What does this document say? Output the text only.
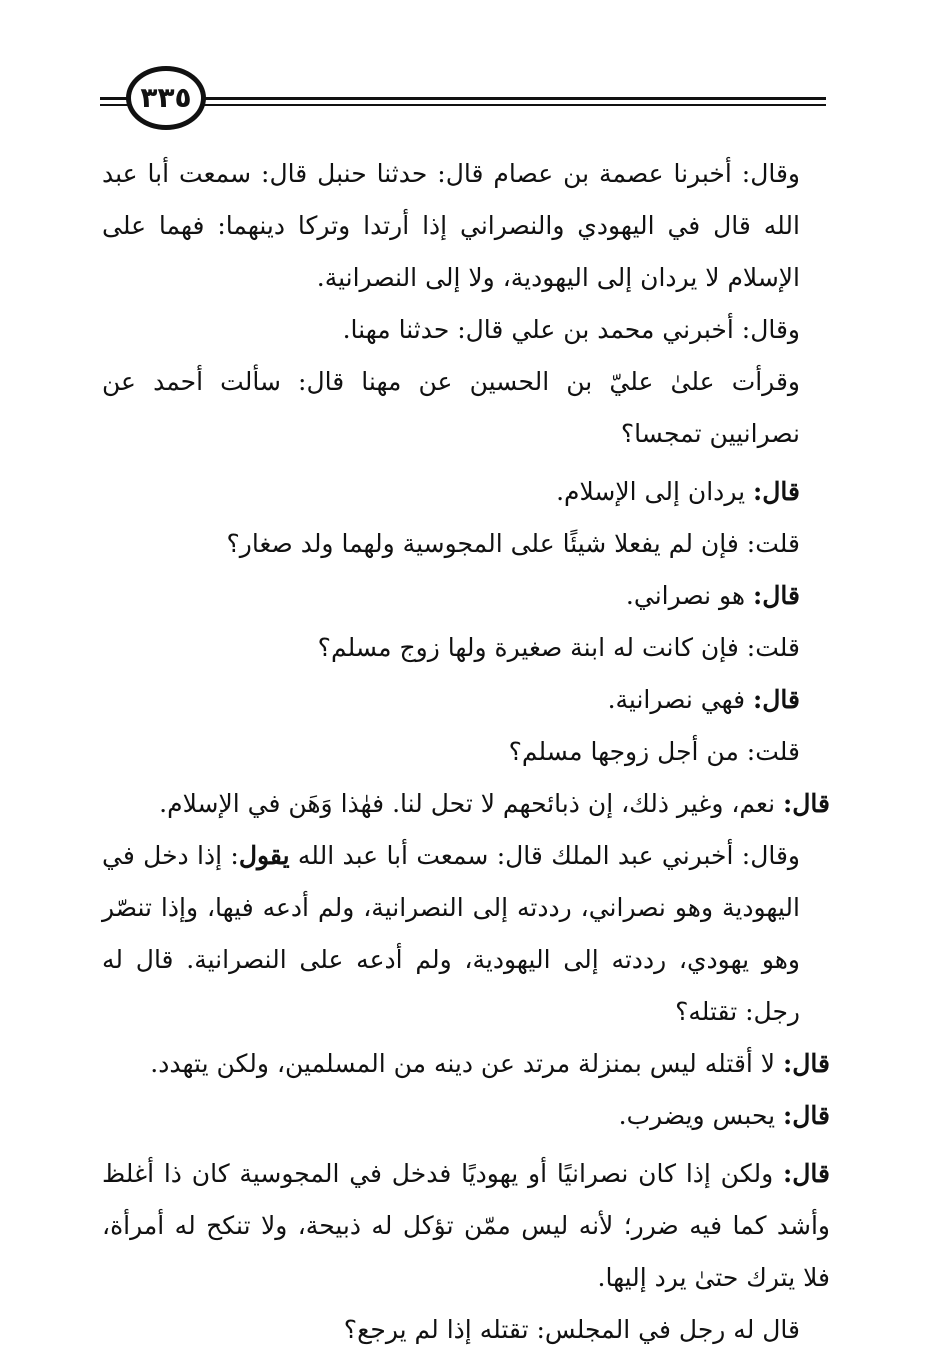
٣٣٥

وقال: أخبرنا عصمة بن عصام قال: حدثنا حنبل قال: سمعت أبا عبد الله قال في اليهودي والنصراني إذا أرتدا وتركا دينهما: فهما على الإسلام لا يردان إلى اليهودية، ولا إلى النصرانية.

وقال: أخبرني محمد بن علي قال: حدثنا مهنا.

وقرأت علىٰ عليّ بن الحسين عن مهنا قال: سألت أحمد عن نصرانيين تمجسا؟

قال: يردان إلى الإسلام.

قلت: فإن لم يفعلا شيئًا على المجوسية ولهما ولد صغار؟

قال: هو نصراني.

قلت: فإن كانت له ابنة صغيرة ولها زوج مسلم؟

قال: فهي نصرانية.

قلت: من أجل زوجها مسلم؟

قال: نعم، وغير ذلك، إن ذبائحهم لا تحل لنا. فهٰذا وَهَن في الإسلام.

وقال: أخبرني عبد الملك قال: سمعت أبا عبد الله يقول: إذا دخل في اليهودية وهو نصراني، رددته إلى النصرانية، ولم أدعه فيها، وإذا تنصّر وهو يهودي، رددته إلى اليهودية، ولم أدعه على النصرانية. قال له رجل: تقتله؟

قال: لا أقتله ليس بمنزلة مرتد عن دينه من المسلمين، ولكن يتهدد.

قال: يحبس ويضرب.

قال: ولكن إذا كان نصرانيًا أو يهوديًا فدخل في المجوسية كان ذا أغلظ وأشد كما فيه ضرر؛ لأنه ليس ممّن تؤكل له ذبيحة، ولا تنكح له أمرأة، فلا يترك حتىٰ يرد إليها.

قال له رجل في المجلس: تقتله إذا لم يرجع؟
